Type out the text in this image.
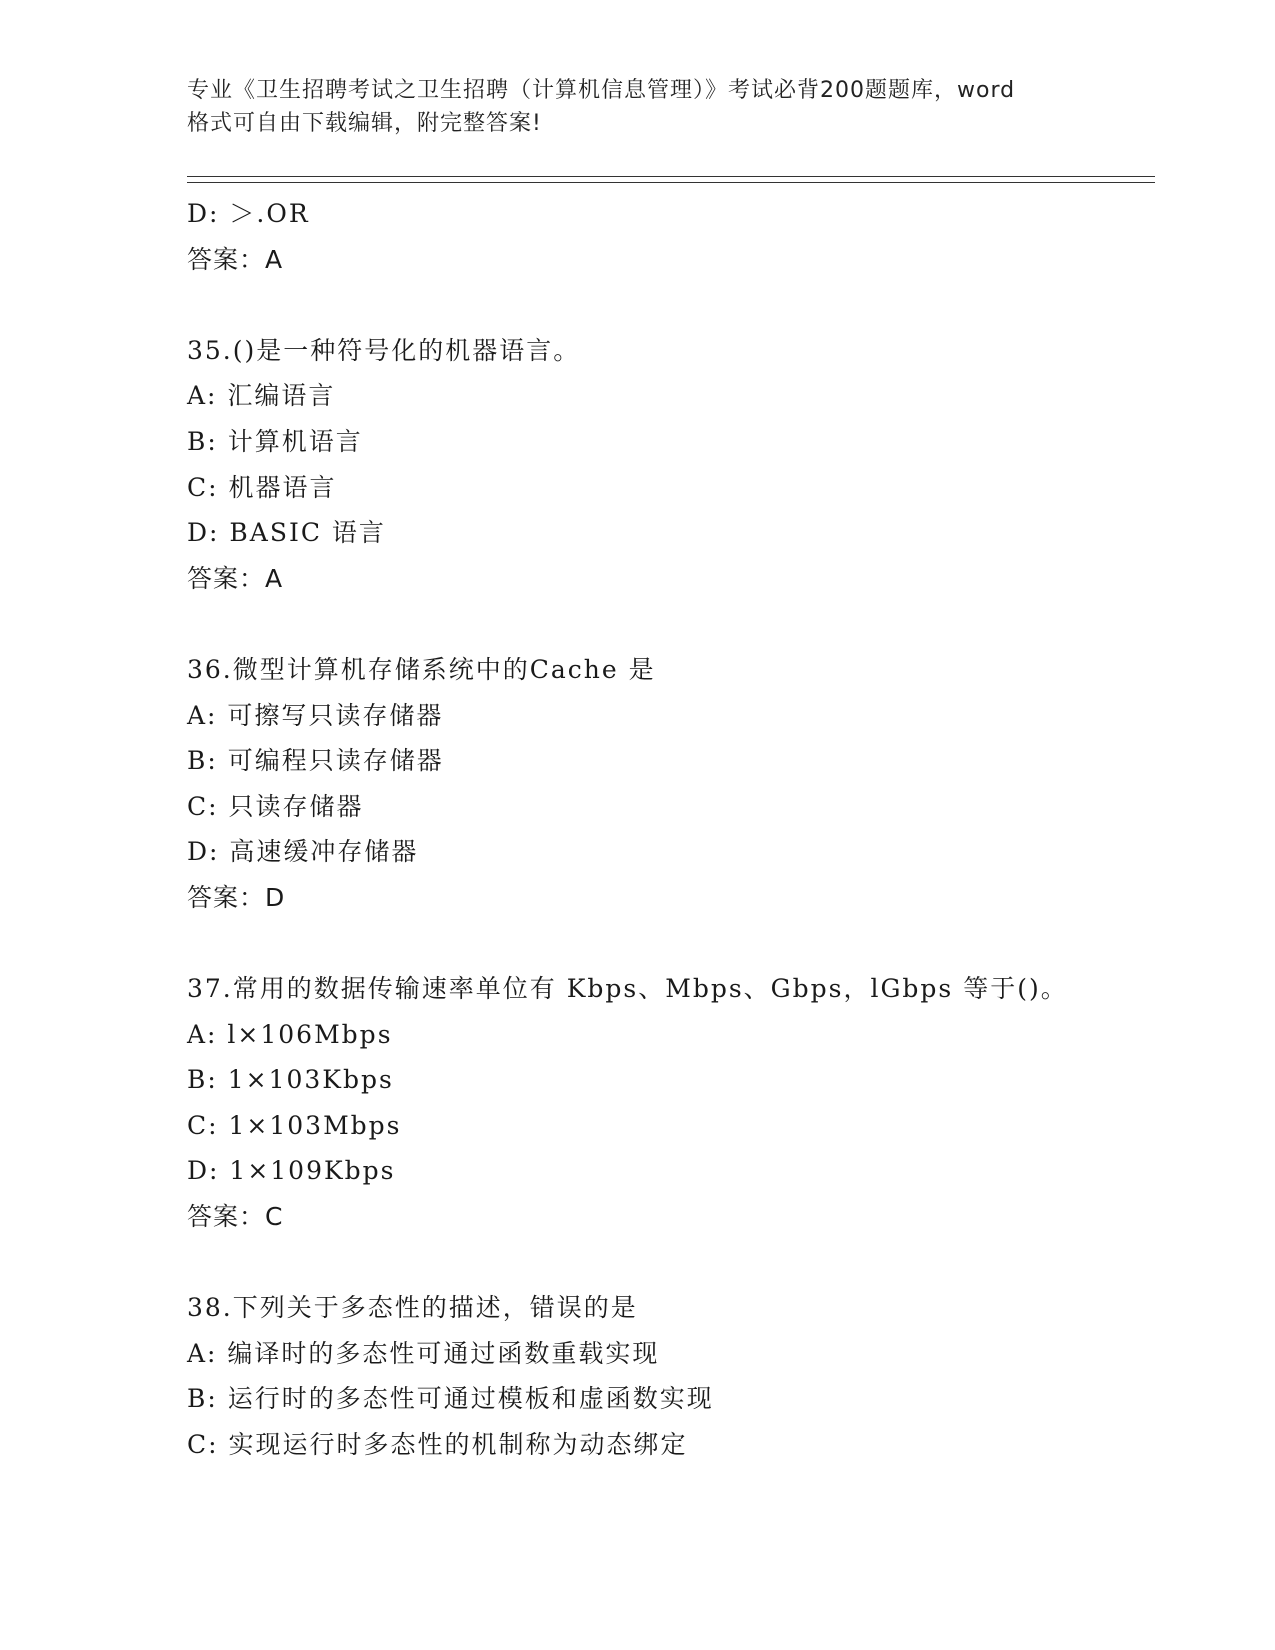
专业《卫生招聘考试之卫生招聘（计算机信息管理）》考试必背200题题库，word
格式可自由下载编辑，附完整答案!
D: ＞.OR
答案：A
35.()是一种符号化的机器语言。
A: 汇编语言
B: 计算机语言
C: 机器语言
D: BASIC 语言
答案：A
36.微型计算机存储系统中的Cache 是
A: 可擦写只读存储器
B: 可编程只读存储器
C: 只读存储器
D: 高速缓冲存储器
答案：D
37.常用的数据传输速率单位有 Kbps、Mbps、Gbps，lGbps 等于()。
A: l×106Mbps
B: 1×103Kbps
C: 1×103Mbps
D: 1×109Kbps
答案：C
38.下列关于多态性的描述，错误的是
A: 编译时的多态性可通过函数重载实现
B: 运行时的多态性可通过模板和虚函数实现
C: 实现运行时多态性的机制称为动态绑定
